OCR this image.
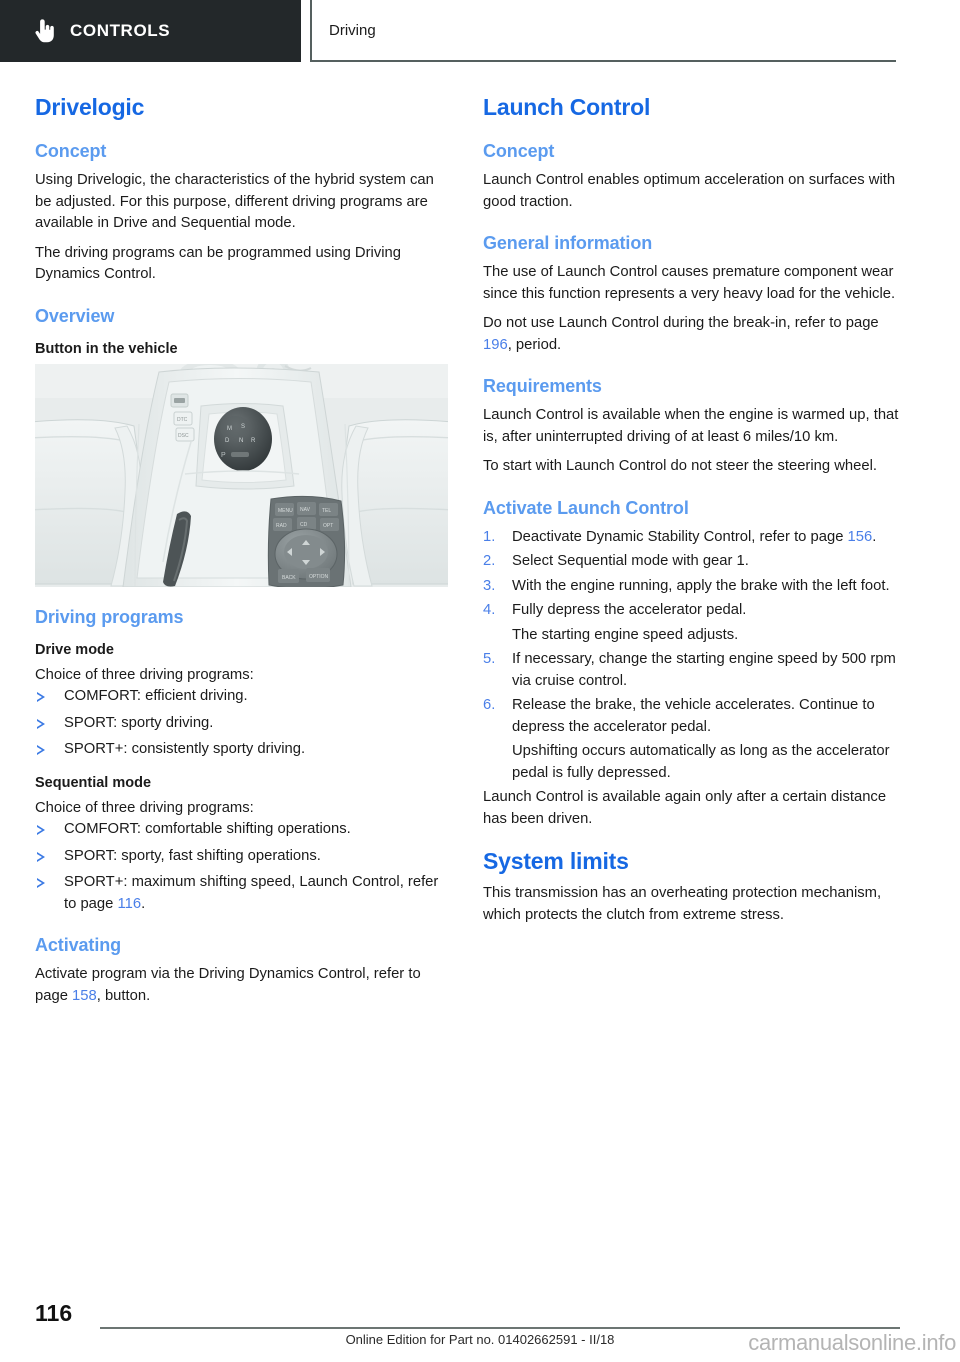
CONTROLS	Driving
Drivelogic
Concept

Using Drivelogic, the characteristics of the hybrid system can be adjusted. For this purpose, different driving programs are available in Drive and Sequential mode.

The driving programs can be programmed using Driving Dynamics Control.

Overview
Button in the vehicle
M S
D N R
P
DTC
DSC
MENU NAV TEL
RAD	CD	OPT
BACK	OPTION
Driving programs
Drive mode

Choice of three driving programs:

COMFORT: efficient driving.
SPORT: sporty driving.
SPORT+: consistently sporty driving.
Sequential mode

Choice of three driving programs:

COMFORT: comfortable shifting operations.
SPORT: sporty, fast shifting operations.
SPORT+: maximum shifting speed, Launch Control, refer to page 116.
Activating

Activate program via the Driving Dynamics Control, refer to page 158, button.

Launch Control
Concept

Launch Control enables optimum acceleration on surfaces with good traction.

General information

The use of Launch Control causes premature component wear since this function represents a very heavy load for the vehicle.

Do not use Launch Control during the break-in, refer to page 196, period.

Requirements

Launch Control is available when the engine is warmed up, that is, after uninterrupted driving of at least 6 miles/10 km.

To start with Launch Control do not steer the steering wheel.

Activate Launch Control
1. Deactivate Dynamic Stability Control, refer to page 156.
2. Select Sequential mode with gear 1.
3. With the engine running, apply the brake with the left foot.
4. Fully depress the accelerator pedal.
The starting engine speed adjusts.
5. If necessary, change the starting engine speed by 500 rpm via cruise control.
6. Release the brake, the vehicle accelerates. Continue to depress the accelerator pedal.
Upshifting occurs automatically as long as the accelerator pedal is fully depressed.

Launch Control is available again only after a certain distance has been driven.

System limits

This transmission has an overheating protection mechanism, which protects the clutch from extreme stress.

116
Online Edition for Part no. 01402662591 - II/18	carmanualsonline.info
